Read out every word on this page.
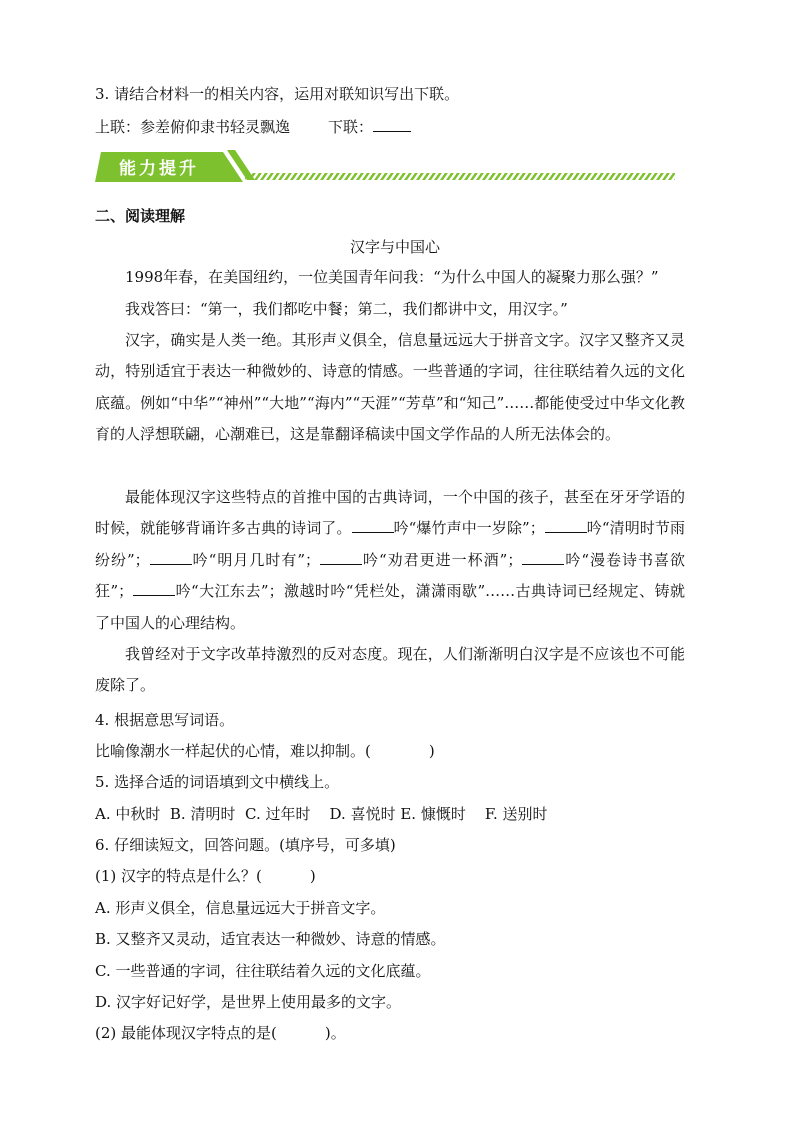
3. 请结合材料一的相关内容，运用对联知识写出下联。
上联：参差俯仰隶书轻灵飘逸	下联：
能力提升
二、阅读理解
汉字与中国心
1998年春，在美国纽约，一位美国青年问我：“为什么中国人的凝聚力那么强？”
我戏答曰：“第一，我们都吃中餐；第二，我们都讲中文，用汉字。”
汉字，确实是人类一绝。其形声义俱全，信息量远远大于拼音文字。汉字又整齐又灵动，特别适宜于表达一种微妙的、诗意的情感。一些普通的字词，往往联结着久远的文化底蕴。例如“中华”“神州”“大地”“海内”“天涯”“芳草”和“知己”……都能使受过中华文化教育的人浮想联翩，心潮难已，这是靠翻译稿读中国文学作品的人所无法体会的。
最能体现汉字这些特点的首推中国的古典诗词，一个中国的孩子，甚至在牙牙学语的时候，就能够背诵许多古典的诗词了。	吟“爆竹声中一岁除”；	吟“清明时节雨纷纷”；	吟“明月几时有”；	吟“劝君更进一杯酒”；	吟“漫卷诗书喜欲狂”；	吟“大江东去”；激越时吟“凭栏处，潇潇雨歇”……古典诗词已经规定、铸就了中国人的心理结构。
我曾经对于文字改革持激烈的反对态度。现在，人们渐渐明白汉字是不应该也不可能废除了。
4. 根据意思写词语。
比喻像潮水一样起伏的心情，难以抑制。(	)
5. 选择合适的词语填到文中横线上。
A. 中秋时  B. 清明时  C. 过年时    D. 喜悦时 E. 慷慨时    F. 送别时
6. 仔细读短文，回答问题。(填序号，可多填)
(1) 汉字的特点是什么？(	)
A. 形声义俱全，信息量远远大于拼音文字。
B. 又整齐又灵动，适宜表达一种微妙、诗意的情感。
C. 一些普通的字词，往往联结着久远的文化底蕴。
D. 汉字好记好学，是世界上使用最多的文字。
(2) 最能体现汉字特点的是(	)。
